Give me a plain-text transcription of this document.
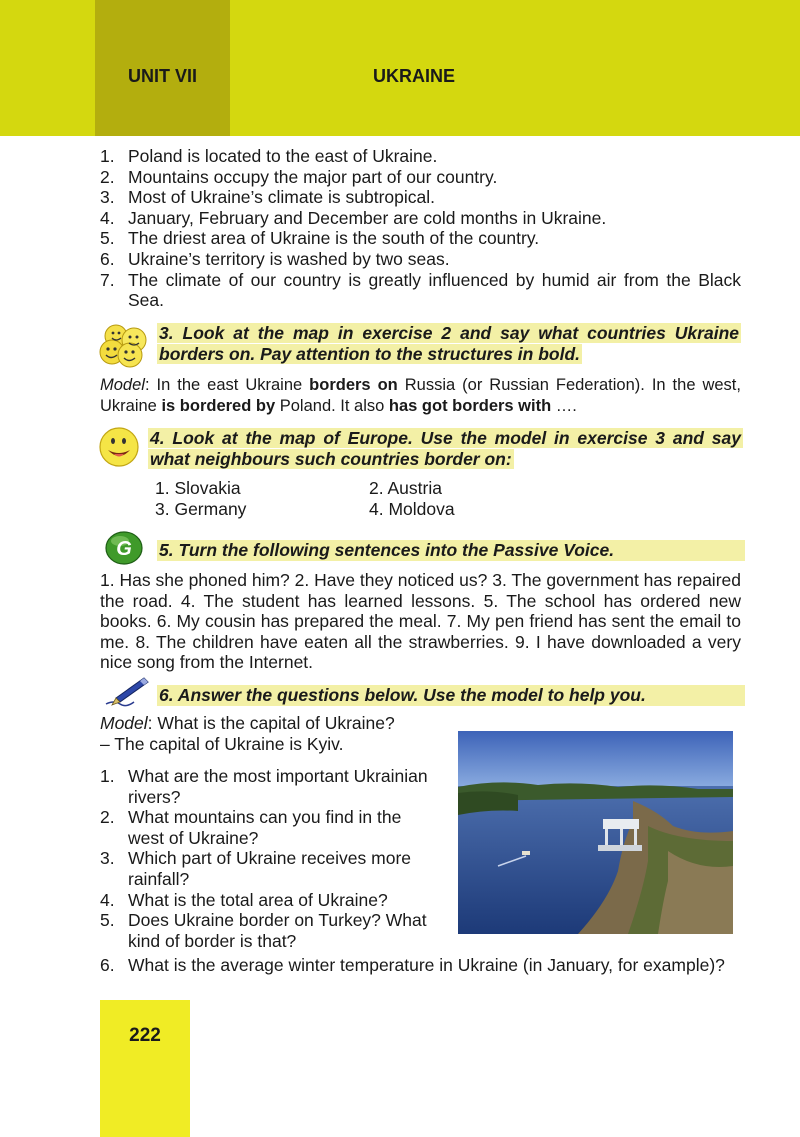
UNIT VII	UKRAINE
1. Poland is located to the east of Ukraine.
2. Mountains occupy the major part of our country.
3. Most of Ukraine’s climate is subtropical.
4. January, February and December are cold months in Ukraine.
5. The driest area of Ukraine is the south of the country.
6. Ukraine’s territory is washed by two seas.
7. The climate of our country is greatly influenced by humid air from the Black Sea.
3. Look at the map in exercise 2 and say what countries Ukraine borders on. Pay attention to the structures in bold.
Model: In the east Ukraine borders on Russia (or Russian Federation). In the west, Ukraine is bordered by Poland. It also has got borders with ….
4. Look at the map of Europe. Use the model in exercise 3 and say what neighbours such countries border on:
1. Slovakia	2. Austria
3. Germany	4. Moldova
G 5. Turn the following sentences into the Passive Voice.
1. Has she phoned him? 2. Have they noticed us? 3. The government has repaired the road. 4. The student has learned lessons. 5. The school has ordered new books. 6. My cousin has prepared the meal. 7. My pen friend has sent the email to me. 8. The children have eaten all the strawberries. 9. I have downloaded a very nice song from the Internet.
6. Answer the questions below. Use the model to help you.
Model: What is the capital of Ukraine?
– The capital of Ukraine is Kyiv.
1. What are the most important Ukrainian rivers?
2. What mountains can you find in the west of Ukraine?
3. Which part of Ukraine receives more rainfall?
4. What is the total area of Ukraine?
5. Does Ukraine border on Turkey? What kind of border is that?
6. What is the average winter temperature in Ukraine (in January, for example)?
222
